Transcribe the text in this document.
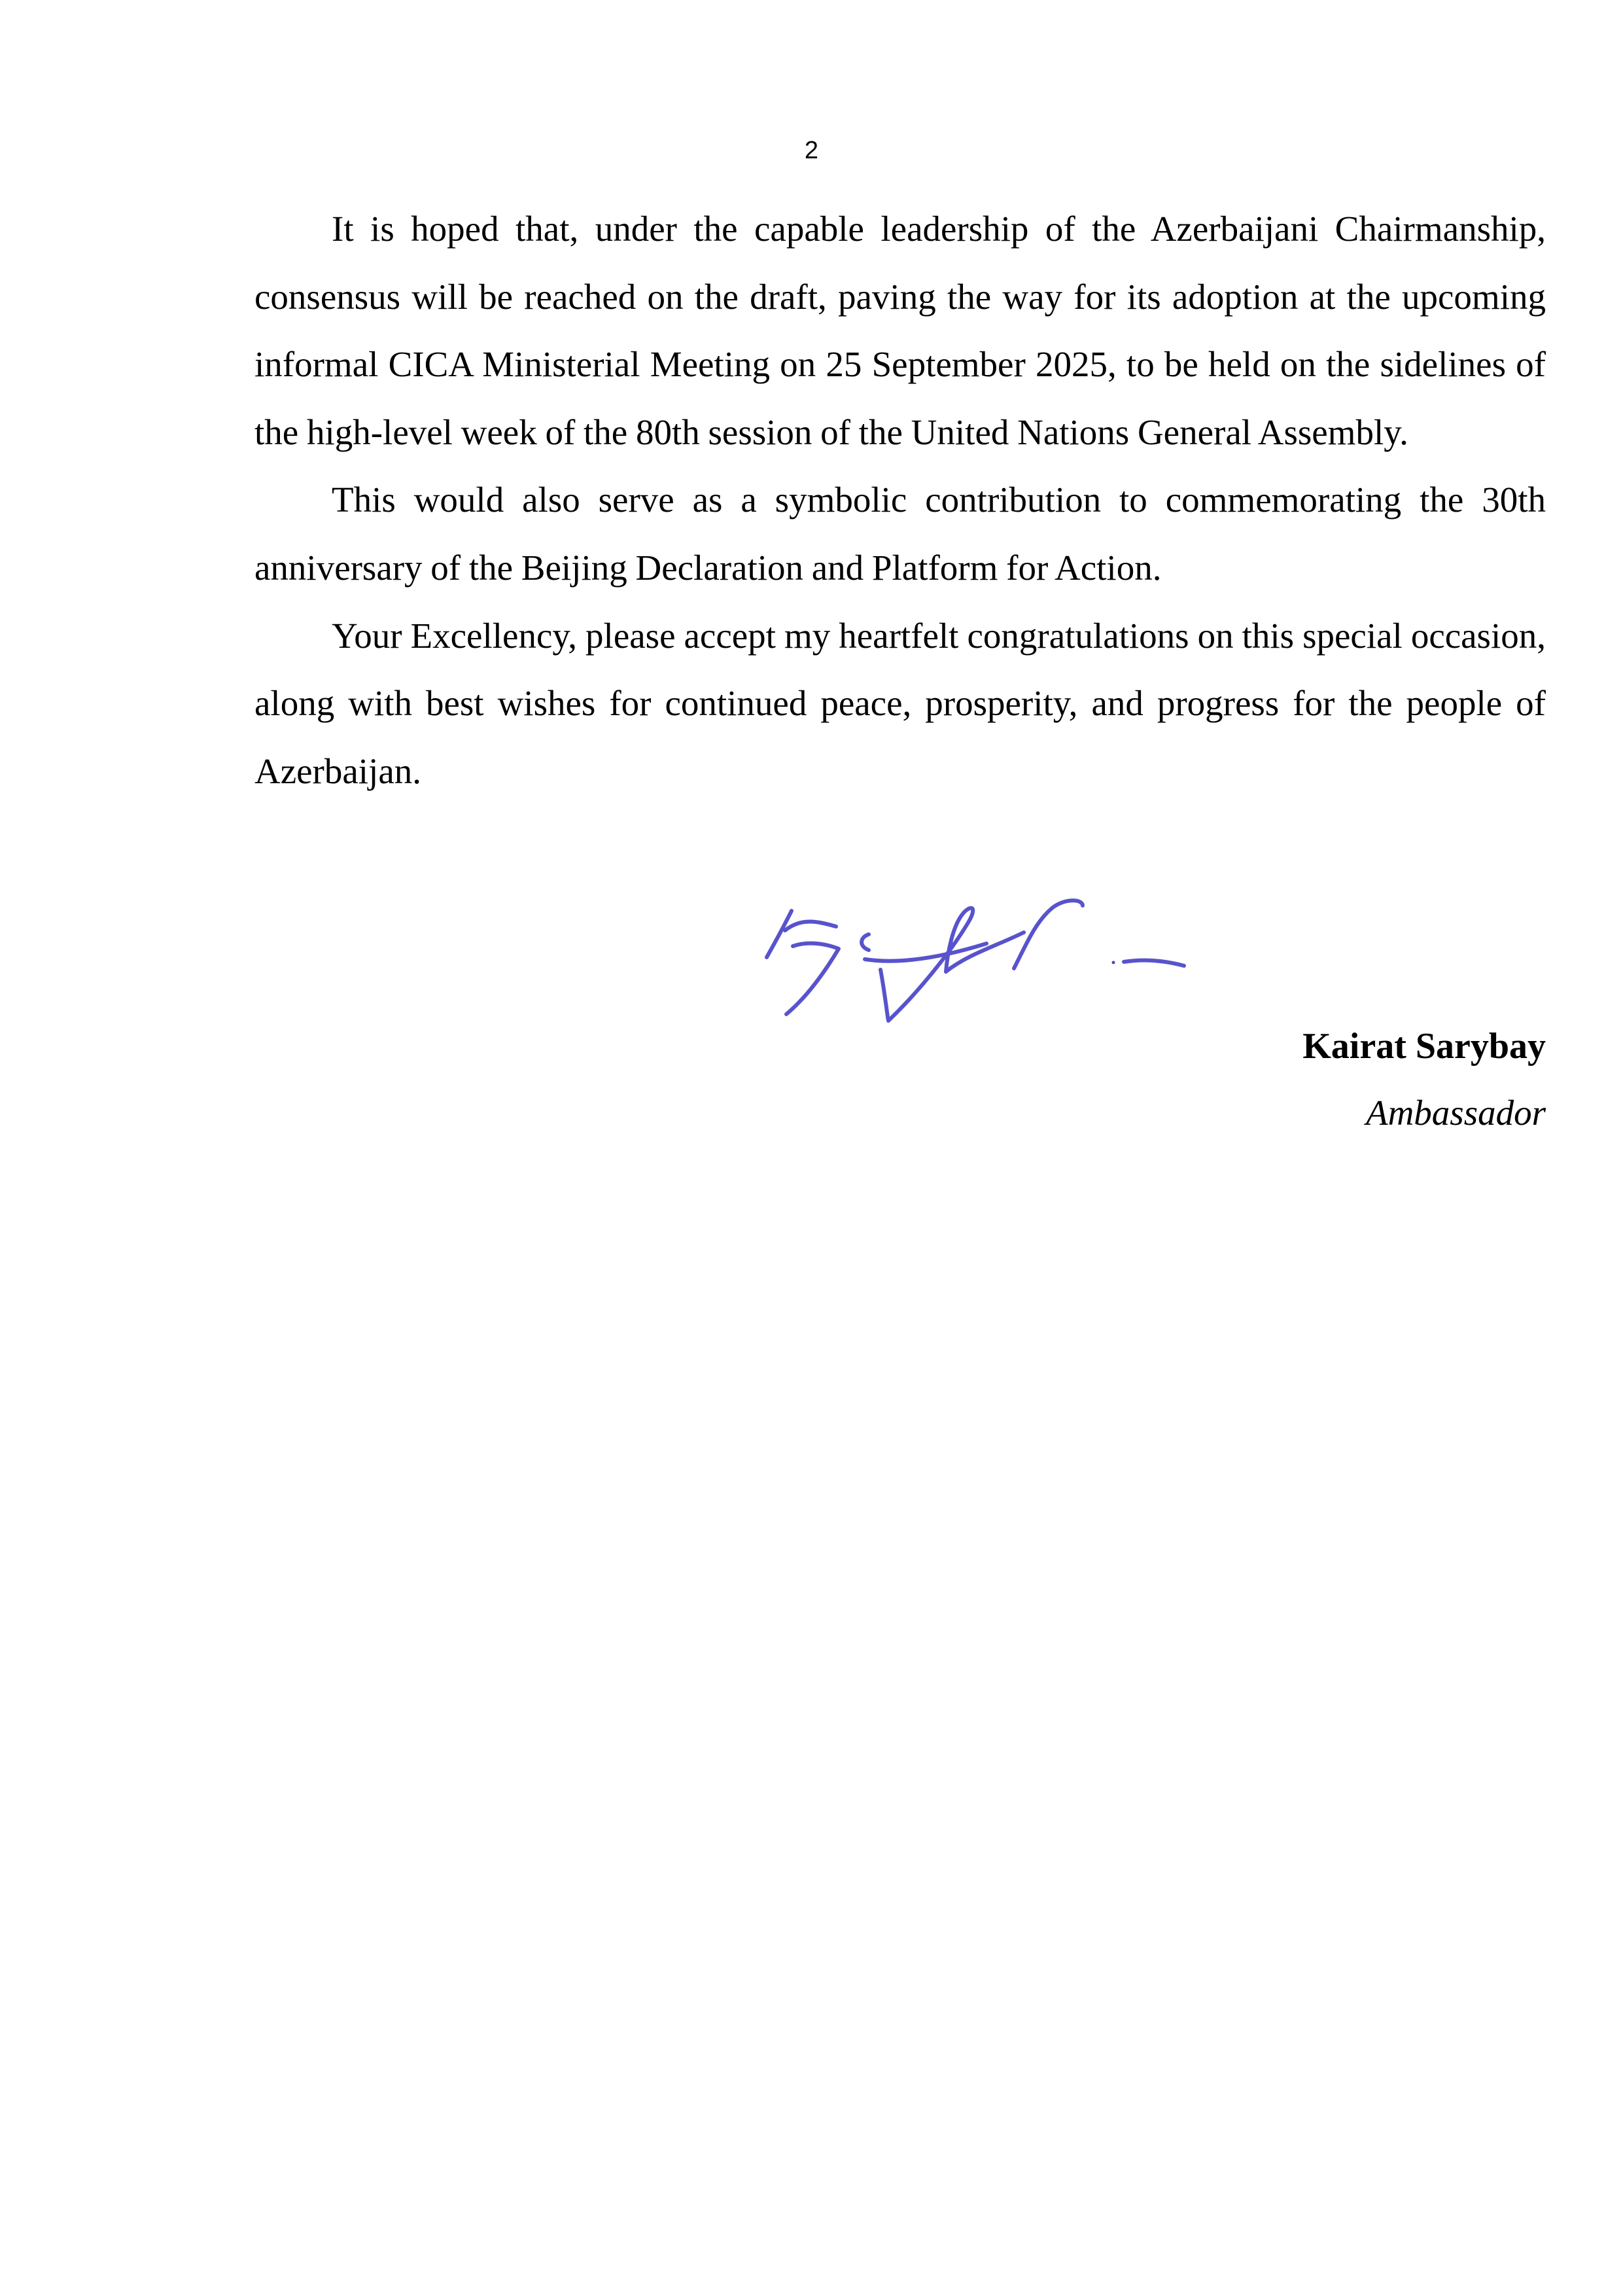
2

It is hoped that, under the capable leadership of the Azerbaijani Chairmanship, consensus will be reached on the draft, paving the way for its adoption at the upcoming informal CICA Ministerial Meeting on 25 September 2025, to be held on the sidelines of the high-level week of the 80th session of the United Nations General Assembly.

This would also serve as a symbolic contribution to commemorating the 30th anniversary of the Beijing Declaration and Platform for Action.

Your Excellency, please accept my heartfelt congratulations on this special occasion, along with best wishes for continued peace, prosperity, and progress for the people of Azerbaijan.

Kairat Sarybay
Ambassador
